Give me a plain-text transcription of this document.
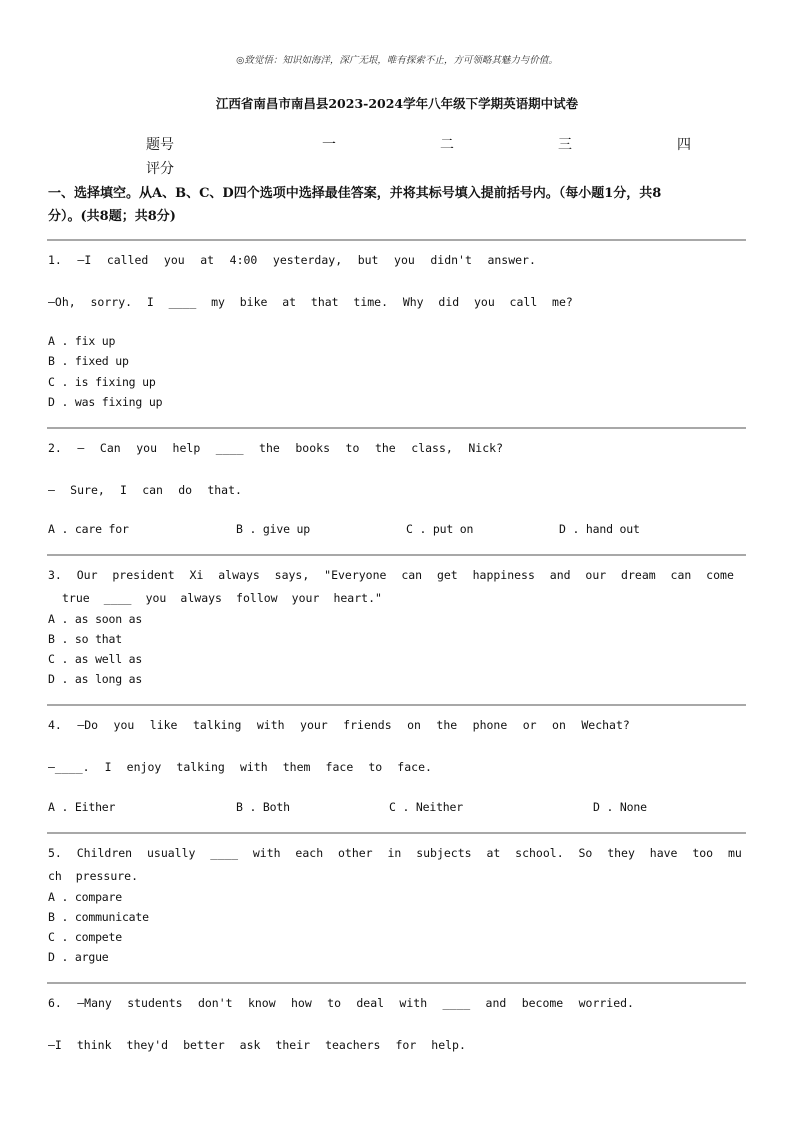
◎致觉悟：知识如海洋，深广无垠，唯有探索不止，方可领略其魅力与价值。
江西省南昌市南昌县2023-2024学年八年级下学期英语期中试卷
题号	一	二	三	四
评分
一、选择填空。从A、B、C、D四个选项中选择最佳答案，并将其标号填入提前括号内。（每小题1分，共8
分）。(共8题；共8分)
1. —I called you at 4:00 yesterday, but you didn't answer.
—Oh, sorry. I ____ my bike at that time. Why did you call me?
A . fix up
B . fixed up
C . is fixing up
D . was fixing up
2. — Can you help ____ the books to the class, Nick?
— Sure, I can do that.
A . care for	B . give up	C . put on	D . hand out
3. Our president Xi always says, "Everyone can get happiness and our dream can come
true ____ you always follow your heart."
A . as soon as
B . so that
C . as well as
D . as long as
4. —Do you like talking with your friends on the phone or on Wechat?
—____. I enjoy talking with them face to face.
A . Either	B . Both	C . Neither	D . None
5. Children usually ____ with each other in subjects at school. So they have too mu
ch pressure.
A . compare
B . communicate
C . compete
D . argue
6. —Many students don't know how to deal with ____ and become worried.
—I think they'd better ask their teachers for help.
